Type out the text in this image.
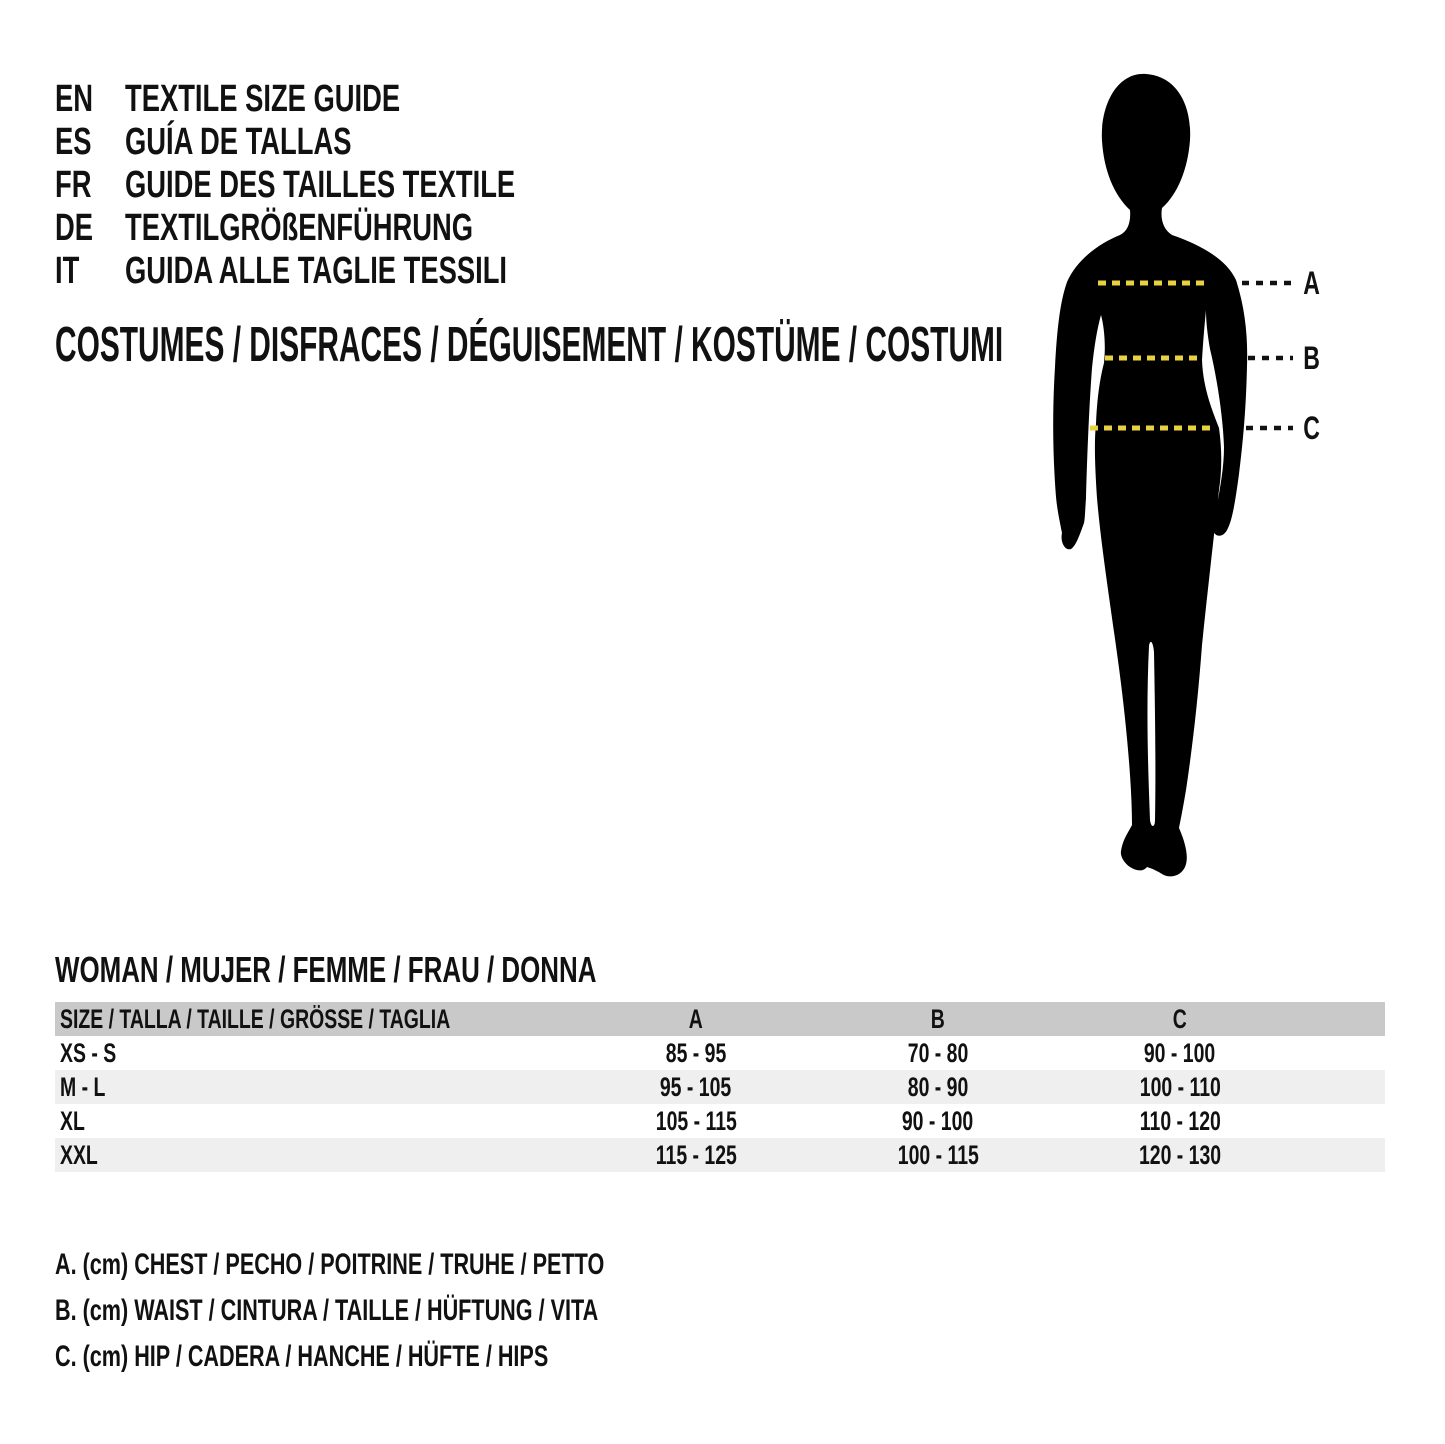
EN TEXTILE SIZE GUIDE
ES GUÍA DE TALLAS
FR GUIDE DES TAILLES TEXTILE
DE TEXTILGRÖßENFÜHRUNG
IT GUIDA ALLE TAGLIE TESSILI
COSTUMES / DISFRACES / DÉGUISEMENT / KOSTÜME / COSTUMI
A
B
C
WOMAN / MUJER / FEMME / FRAU / DONNA
SIZE / TALLA / TAILLE / GRÖSSE / TAGLIA	A	B	C
XS - S	85 - 95	70 - 80	90 - 100
M - L	95 - 105	80 - 90	100 - 110
XL	105 - 115	90 - 100	110 - 120
XXL	115 - 125	100 - 115	120 - 130
A. (cm) CHEST / PECHO / POITRINE / TRUHE / PETTO
B. (cm) WAIST / CINTURA / TAILLE / HÜFTUNG / VITA
C. (cm) HIP / CADERA / HANCHE / HÜFTE / HIPS
